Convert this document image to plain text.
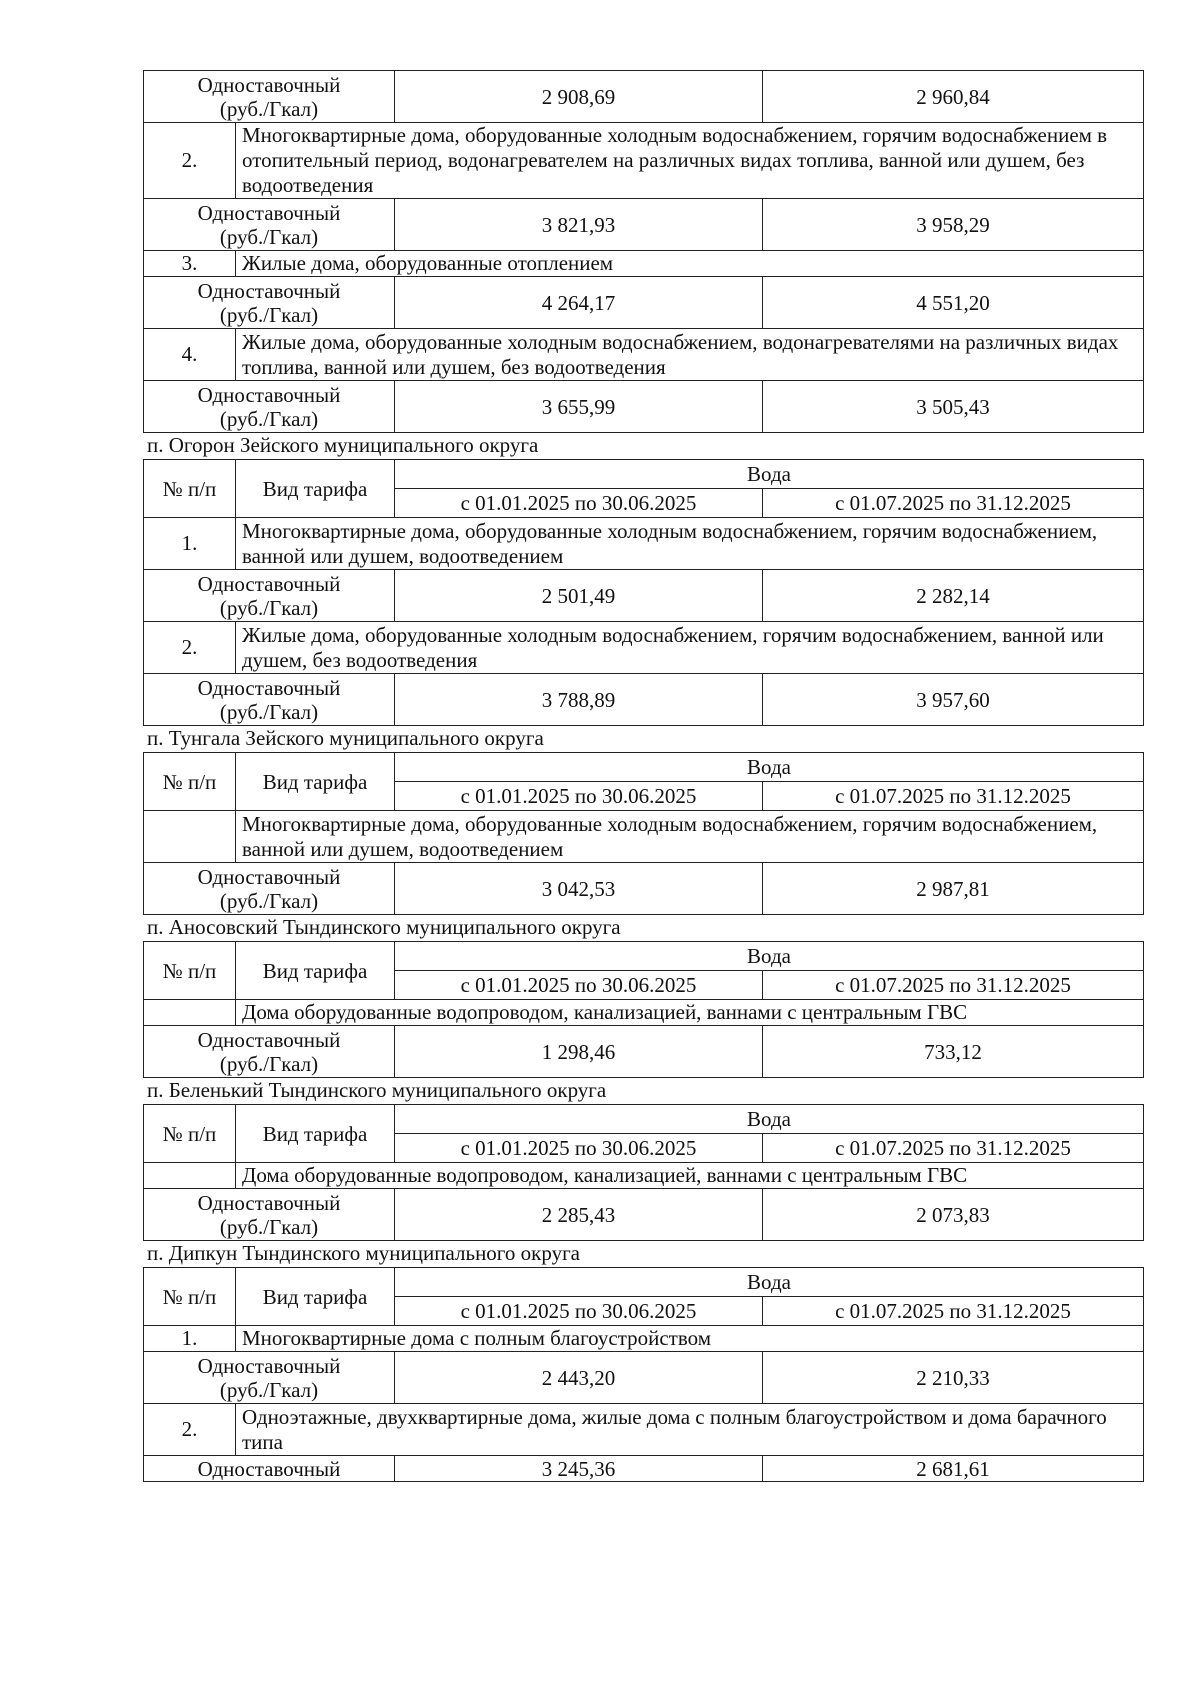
Одноставочный
(руб./Гкал)		2 908,69	2 960,84
2.	Многоквартирные дома, оборудованные холодным водоснабжением, горячим водоснабжением в отопительный период, водонагревателем на различных видах топлива, ванной или душем, без водоотведения		
Одноставочный
(руб./Гкал)		3 821,93	3 958,29
3.	Жилые дома, оборудованные отоплением		
Одноставочный
(руб./Гкал)		4 264,17	4 551,20
4.	Жилые дома, оборудованные холодным водоснабжением, водонагревателями на различных видах топлива, ванной или душем, без водоотведения		
Одноставочный
(руб./Гкал)		3 655,99	3 505,43
п. Огорон Зейского муниципального округа
№ п/п	Вид тарифа	Вода	
		с 01.01.2025 по 30.06.2025	с 01.07.2025 по 31.12.2025
1.	Многоквартирные дома, оборудованные холодным водоснабжением, горячим водоснабжением, ванной или душем, водоотведением		
Одноставочный
(руб./Гкал)		2 501,49	2 282,14
2.	Жилые дома, оборудованные холодным водоснабжением, горячим водоснабжением, ванной или душем, без водоотведения		
Одноставочный
(руб./Гкал)		3 788,89	3 957,60
п. Тунгала Зейского муниципального округа
№ п/п	Вид тарифа	Вода	
		с 01.01.2025 по 30.06.2025	с 01.07.2025 по 31.12.2025
	Многоквартирные дома, оборудованные холодным водоснабжением, горячим водоснабжением, ванной или душем, водоотведением		
Одноставочный
(руб./Гкал)		3 042,53	2 987,81
п. Аносовский Тындинского муниципального округа
№ п/п	Вид тарифа	Вода	
		с 01.01.2025 по 30.06.2025	с 01.07.2025 по 31.12.2025
	Дома оборудованные водопроводом, канализацией, ваннами с центральным ГВС		
Одноставочный
(руб./Гкал)		1 298,46	733,12
п. Беленький Тындинского муниципального округа
№ п/п	Вид тарифа	Вода	
		с 01.01.2025 по 30.06.2025	с 01.07.2025 по 31.12.2025
	Дома оборудованные водопроводом, канализацией, ваннами с центральным ГВС		
Одноставочный
(руб./Гкал)		2 285,43	2 073,83
п. Дипкун Тындинского муниципального округа
№ п/п	Вид тарифа	Вода	
		с 01.01.2025 по 30.06.2025	с 01.07.2025 по 31.12.2025
1.	Многоквартирные дома с полным благоустройством		
Одноставочный
(руб./Гкал)		2 443,20	2 210,33
2.	Одноэтажные, двухквартирные дома, жилые дома с полным благоустройством и дома барачного типа		
Одноставочный		3 245,36	2 681,61
